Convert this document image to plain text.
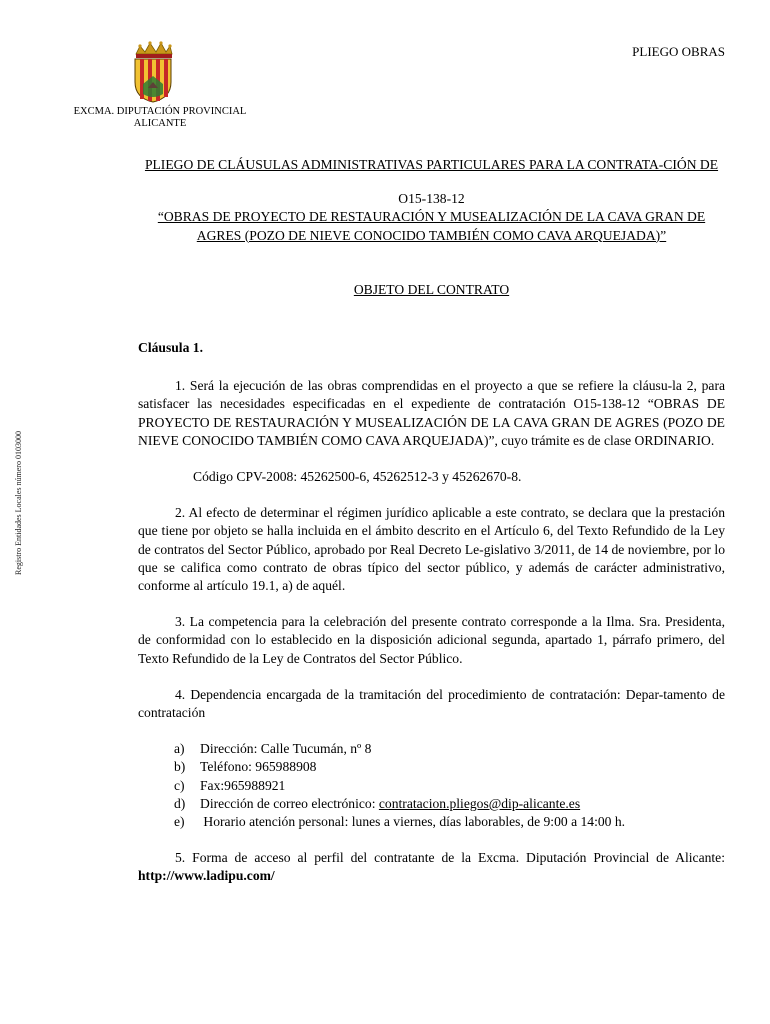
EXCMA. DIPUTACIÓN PROVINCIAL
ALICANTE
PLIEGO OBRAS
Registro Entidades Locales número 0103000

PLIEGO DE CLÁUSULAS ADMINISTRATIVAS PARTICULARES PARA LA CONTRATA-CIÓN DE

O15-138-12

“OBRAS DE PROYECTO DE RESTAURACIÓN Y MUSEALIZACIÓN DE LA CAVA GRAN DE AGRES (POZO DE NIEVE CONOCIDO TAMBIÉN COMO CAVA ARQUEJADA)”

OBJETO DEL CONTRATO

Cláusula 1.

1. Será la ejecución de las obras comprendidas en el proyecto a que se refiere la cláusu-la 2, para satisfacer las necesidades especificadas en el expediente de contratación O15-138-12 “OBRAS DE PROYECTO DE RESTAURACIÓN Y MUSEALIZACIÓN DE LA CAVA GRAN DE AGRES (POZO DE NIEVE CONOCIDO TAMBIÉN COMO CAVA ARQUEJADA)”, cuyo trámite es de clase ORDINARIO.

Código CPV-2008: 45262500-6, 45262512-3 y 45262670-8.

2. Al efecto de determinar el régimen jurídico aplicable a este contrato, se declara que la prestación que tiene por objeto se halla incluida en el ámbito descrito en el Artículo 6, del Texto Refundido de la Ley de contratos del Sector Público, aprobado por Real Decreto Le-gislativo 3/2011, de 14 de noviembre, por lo que se califica como contrato de obras típico del sector público, y además de carácter administrativo, conforme al artículo 19.1, a) de aquél.

3. La competencia para la celebración del presente contrato corresponde a la Ilma. Sra. Presidenta, de conformidad con lo establecido en la disposición adicional segunda, apartado 1, párrafo primero, del Texto Refundido de la Ley de Contratos del Sector Público.

4. Dependencia encargada de la tramitación del procedimiento de contratación: Depar-tamento de contratación

a)	Dirección: Calle Tucumán, nº 8
b)	Teléfono: 965988908
c)	Fax:965988921
d)	Dirección de correo electrónico: contratacion.pliegos@dip-alicante.es
e)	Horario atención personal: lunes a viernes, días laborables, de 9:00 a 14:00 h.

5. Forma de acceso al perfil del contratante de la Excma. Diputación Provincial de Alicante: http://www.ladipu.com/
